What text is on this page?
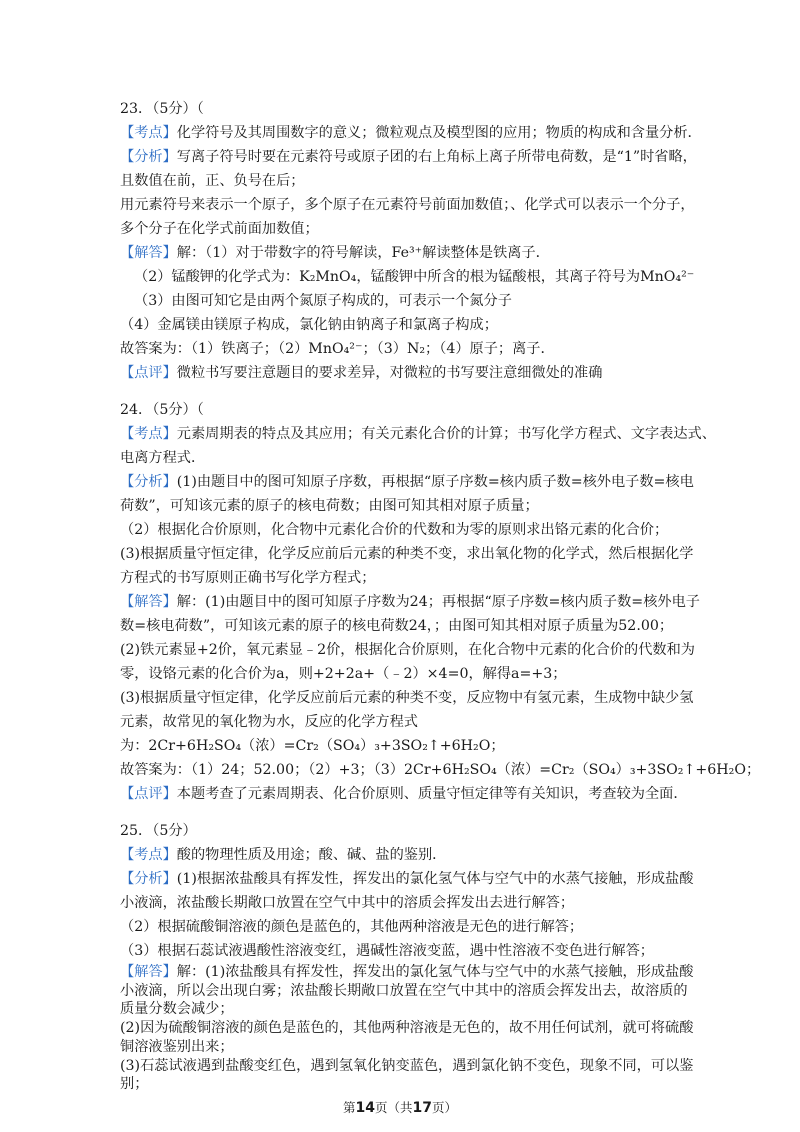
23．（5分）（
【考点】化学符号及其周围数字的意义；微粒观点及模型图的应用；物质的构成和含量分析．
【分析】写离子符号时要在元素符号或原子团的右上角标上离子所带电荷数，是“1”时省略，
且数值在前，正、负号在后；
用元素符号来表示一个原子，多个原子在元素符号前面加数值；、化学式可以表示一个分子，
多个分子在化学式前面加数值；
【解答】解：（1）对于带数字的符号解读，Fe³⁺解读整体是铁离子．
（2）锰酸钾的化学式为：K₂MnO₄，锰酸钾中所含的根为锰酸根，其离子符号为MnO₄²⁻
（3）由图可知它是由两个氮原子构成的，可表示一个氮分子
（4）金属镁由镁原子构成，氯化钠由钠离子和氯离子构成；
故答案为：（1）铁离子；（2）MnO₄²⁻；（3）N₂；（4）原子；离子．
【点评】微粒书写要注意题目的要求差异，对微粒的书写要注意细微处的准确
24．（5分）（
【考点】元素周期表的特点及其应用；有关元素化合价的计算；书写化学方程式、文字表达式、
电离方程式．
【分析】(1)由题目中的图可知原子序数，再根据“原子序数=核内质子数=核外电子数=核电
荷数”，可知该元素的原子的核电荷数；由图可知其相对原子质量；
（2）根据化合价原则，化合物中元素化合价的代数和为零的原则求出铬元素的化合价；
(3)根据质量守恒定律，化学反应前后元素的种类不变，求出氧化物的化学式，然后根据化学
方程式的书写原则正确书写化学方程式；
【解答】解：(1)由题目中的图可知原子序数为24；再根据“原子序数=核内质子数=核外电子
数=核电荷数”，可知该元素的原子的核电荷数24，；由图可知其相对原子质量为52.00；
(2)铁元素显+2价，氧元素显﹣2价，根据化合价原则，在化合物中元素的化合价的代数和为
零，设铬元素的化合价为a，则+2+2a+（﹣2）×4=0，解得a=+3；
(3)根据质量守恒定律，化学反应前后元素的种类不变，反应物中有氢元素，生成物中缺少氢
元素，故常见的氧化物为水，反应的化学方程式
为：2Cr+6H₂SO₄（浓）=Cr₂（SO₄）₃+3SO₂↑+6H₂O；
故答案为：（1）24；52.00；（2）+3；（3）2Cr+6H₂SO₄（浓）=Cr₂（SO₄）₃+3SO₂↑+6H₂O；
【点评】本题考查了元素周期表、化合价原则、质量守恒定律等有关知识，考查较为全面．
25．（5分）
【考点】酸的物理性质及用途；酸、碱、盐的鉴别．
【分析】(1)根据浓盐酸具有挥发性，挥发出的氯化氢气体与空气中的水蒸气接触，形成盐酸
小液滴，浓盐酸长期敞口放置在空气中其中的溶质会挥发出去进行解答；
（2）根据硫酸铜溶液的颜色是蓝色的，其他两种溶液是无色的进行解答；
（3）根据石蕊试液遇酸性溶液变红，遇碱性溶液变蓝，遇中性溶液不变色进行解答；
【解答】解：(1)浓盐酸具有挥发性，挥发出的氯化氢气体与空气中的水蒸气接触，形成盐酸
小液滴，所以会出现白雾；浓盐酸长期敞口放置在空气中其中的溶质会挥发出去，故溶质的
质量分数会减少；
(2)因为硫酸铜溶液的颜色是蓝色的，其他两种溶液是无色的，故不用任何试剂，就可将硫酸
铜溶液鉴别出来；
(3)石蕊试液遇到盐酸变红色，遇到氢氧化钠变蓝色，遇到氯化钠不变色，现象不同，可以鉴
别；
第14页（共17页）
